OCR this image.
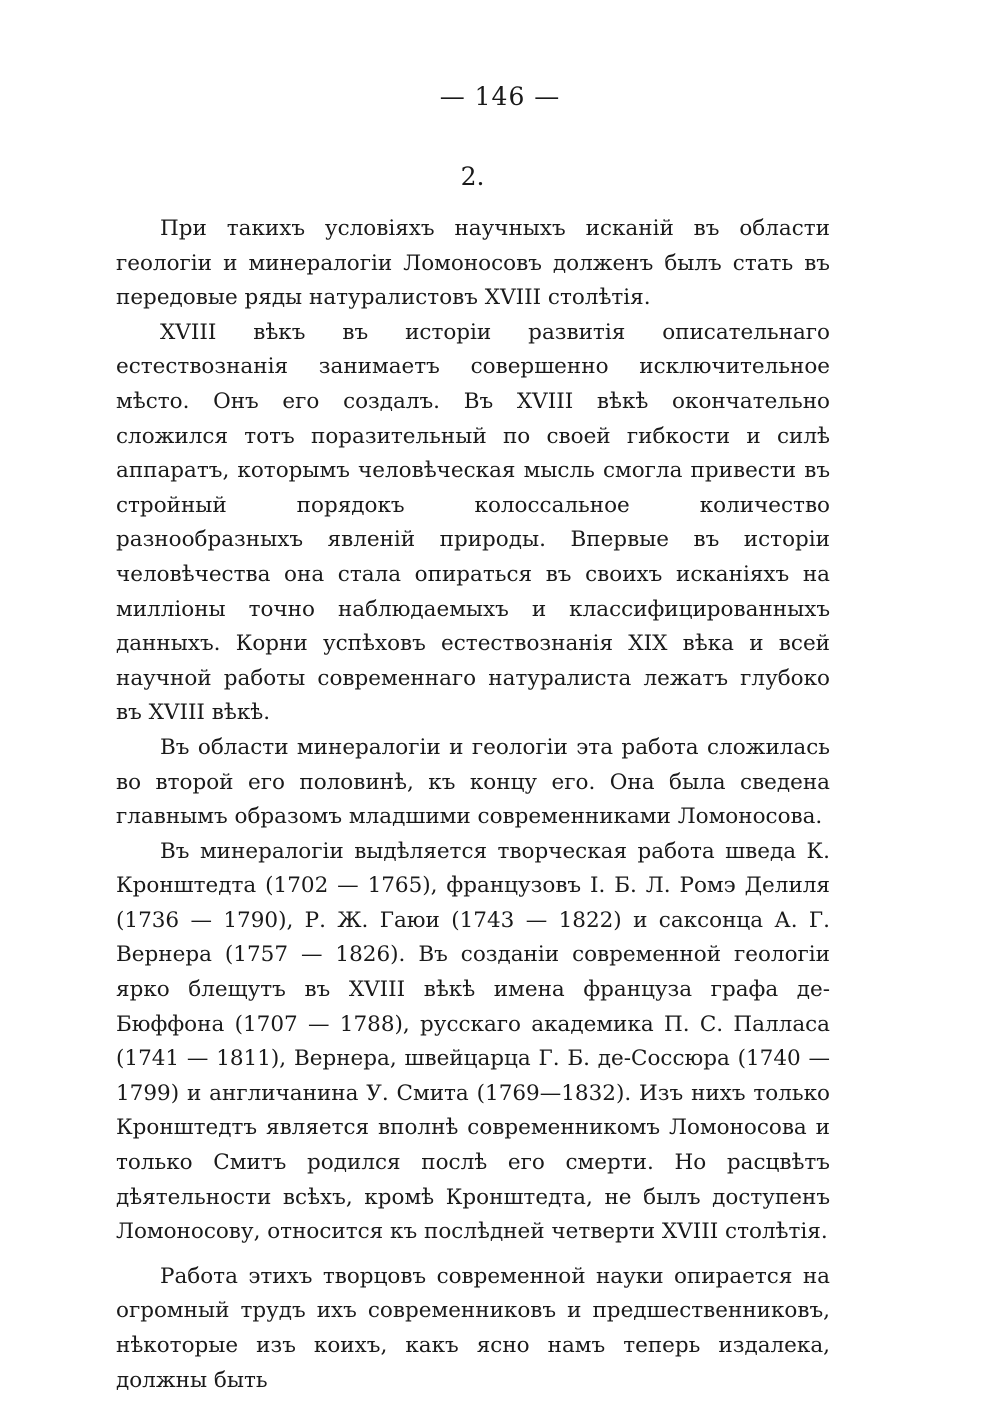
— 146 —
2.

При такихъ условіяхъ научныхъ исканій въ области геологіи и минералогіи Ломоносовъ долженъ былъ стать въ передовые ряды натуралистовъ XVIII столѣтія.

XVIII вѣкъ въ исторіи развитія описательнаго естествознанія занимаетъ совершенно исключительное мѣсто. Онъ его создалъ. Въ XVIII вѣкѣ окончательно сложился тотъ поразительный по своей гибкости и силѣ аппаратъ, которымъ человѣческая мысль смогла привести въ стройный порядокъ колоссальное количество разнообразныхъ явленій природы. Впервые въ исторіи человѣчества она стала опираться въ своихъ исканіяхъ на милліоны точно наблюдаемыхъ и классифицированныхъ данныхъ. Корни успѣховъ естествознанія XIX вѣка и всей научной работы современнаго натуралиста лежатъ глубоко въ XVIII вѣкѣ.

Въ области минералогіи и геологіи эта работа сложилась во второй его половинѣ, къ концу его. Она была сведена главнымъ образомъ младшими современниками Ломоносова.

Въ минералогіи выдѣляется творческая работа шведа К. Кронштедта (1702 — 1765), французовъ І. Б. Л. Ромэ Делиля (1736 — 1790), Р. Ж. Гаюи (1743 — 1822) и саксонца А. Г. Вернера (1757 — 1826). Въ созданіи современной геологіи ярко блещутъ въ XVIII вѣкѣ имена француза графа де-Бюффона (1707 — 1788), русскаго академика П. С. Палласа (1741 — 1811), Вернера, швейцарца Г. Б. де-Соссюра (1740 — 1799) и англичанина У. Смита (1769—1832). Изъ нихъ только Кронштедтъ является вполнѣ современникомъ Ломоносова и только Смитъ родился послѣ его смерти. Но расцвѣтъ дѣятельности всѣхъ, кромѣ Кронштедта, не былъ доступенъ Ломоносову, относится къ послѣдней четверти XVIII столѣтія.

Работа этихъ творцовъ современной науки опирается на огромный трудъ ихъ современниковъ и предшественниковъ, нѣкоторые изъ коихъ, какъ ясно намъ теперь издалека, должны быть
